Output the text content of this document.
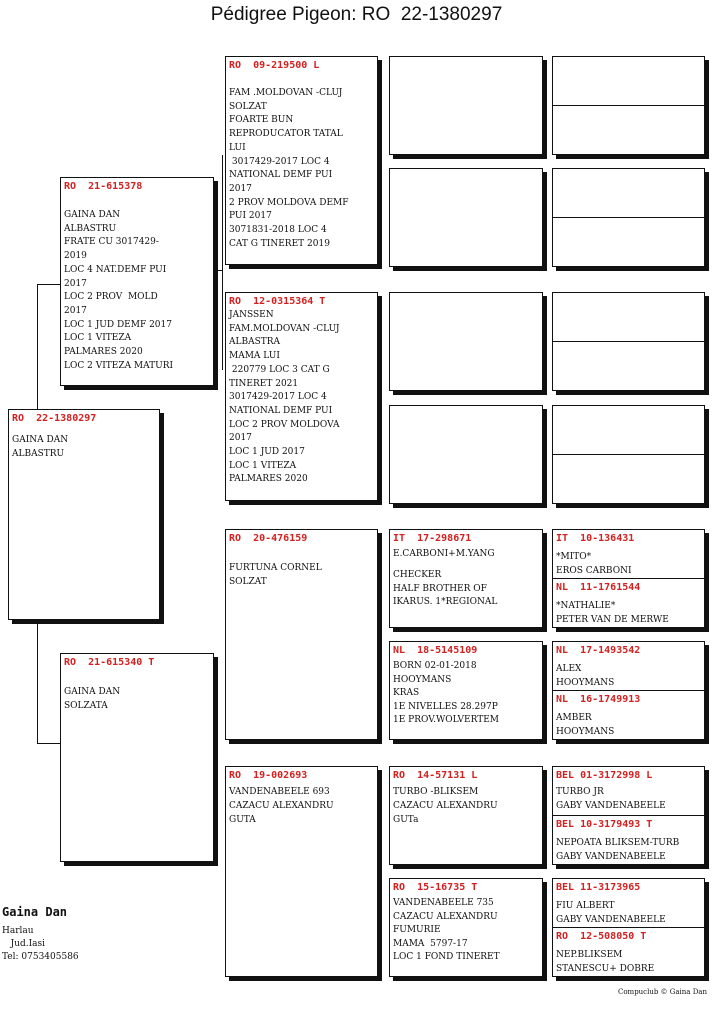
Pédigree Pigeon: RO  22-1380297
RO  22-1380297
GAINA DAN
ALBASTRU
RO  21-615378
GAINA DAN
ALBASTRU
FRATE CU 3017429-
2019
LOC 4 NAT.DEMF PUI
2017
LOC 2 PROV  MOLD
2017
LOC 1 JUD DEMF 2017
LOC 1 VITEZA
PALMARES 2020
LOC 2 VITEZA MATURI
RO  21-615340 T
GAINA DAN
SOLZATA
RO  09-219500 L
FAM .MOLDOVAN -CLUJ
SOLZAT
FOARTE BUN
REPRODUCATOR TATAL
LUI
3017429-2017 LOC 4
NATIONAL DEMF PUI
2017
2 PROV MOLDOVA DEMF
PUI 2017
3071831-2018 LOC 4
CAT G TINERET 2019
RO  12-0315364 T
JANSSEN
FAM.MOLDOVAN -CLUJ
ALBASTRA
MAMA LUI
220779 LOC 3 CAT G
TINERET 2021
3017429-2017 LOC 4
NATIONAL DEMF PUI
LOC 2 PROV MOLDOVA
2017
LOC 1 JUD 2017
LOC 1 VITEZA
PALMARES 2020
RO  20-476159
FURTUNA CORNEL
SOLZAT
RO  19-002693
VANDENABEELE 693
CAZACU ALEXANDRU
GUTA
IT  17-298671
E.CARBONI+M.YANG
CHECKER
HALF BROTHER OF
IKARUS. 1*REGIONAL
NL  18-5145109
BORN 02-01-2018
HOOYMANS
KRAS
1E NIVELLES 28.297P
1E PROV.WOLVERTEM
RO  14-57131 L
TURBO -BLIKSEM
CAZACU ALEXANDRU
GUTa
RO  15-16735 T
VANDENABEELE 735
CAZACU ALEXANDRU
FUMURIE
MAMA  5797-17
LOC 1 FOND TINERET
IT  10-136431
*MITO*
EROS CARBONI
NL  11-1761544
*NATHALIE*
PETER VAN DE MERWE
NL  17-1493542
ALEX
HOOYMANS
NL  16-1749913
AMBER
HOOYMANS
BEL 01-3172998 L
TURBO JR
GABY VANDENABEELE
BEL 10-3179493 T
NEPOATA BLIKSEM-TURB
GABY VANDENABEELE
BEL 11-3173965
FIU ALBERT
GABY VANDENABEELE
RO  12-508050 T
NEP.BLIKSEM
STANESCU+ DOBRE
Gaina Dan
Harlau
Jud.Iasi
Tel: 0753405586
Compuclub © Gaina Dan
